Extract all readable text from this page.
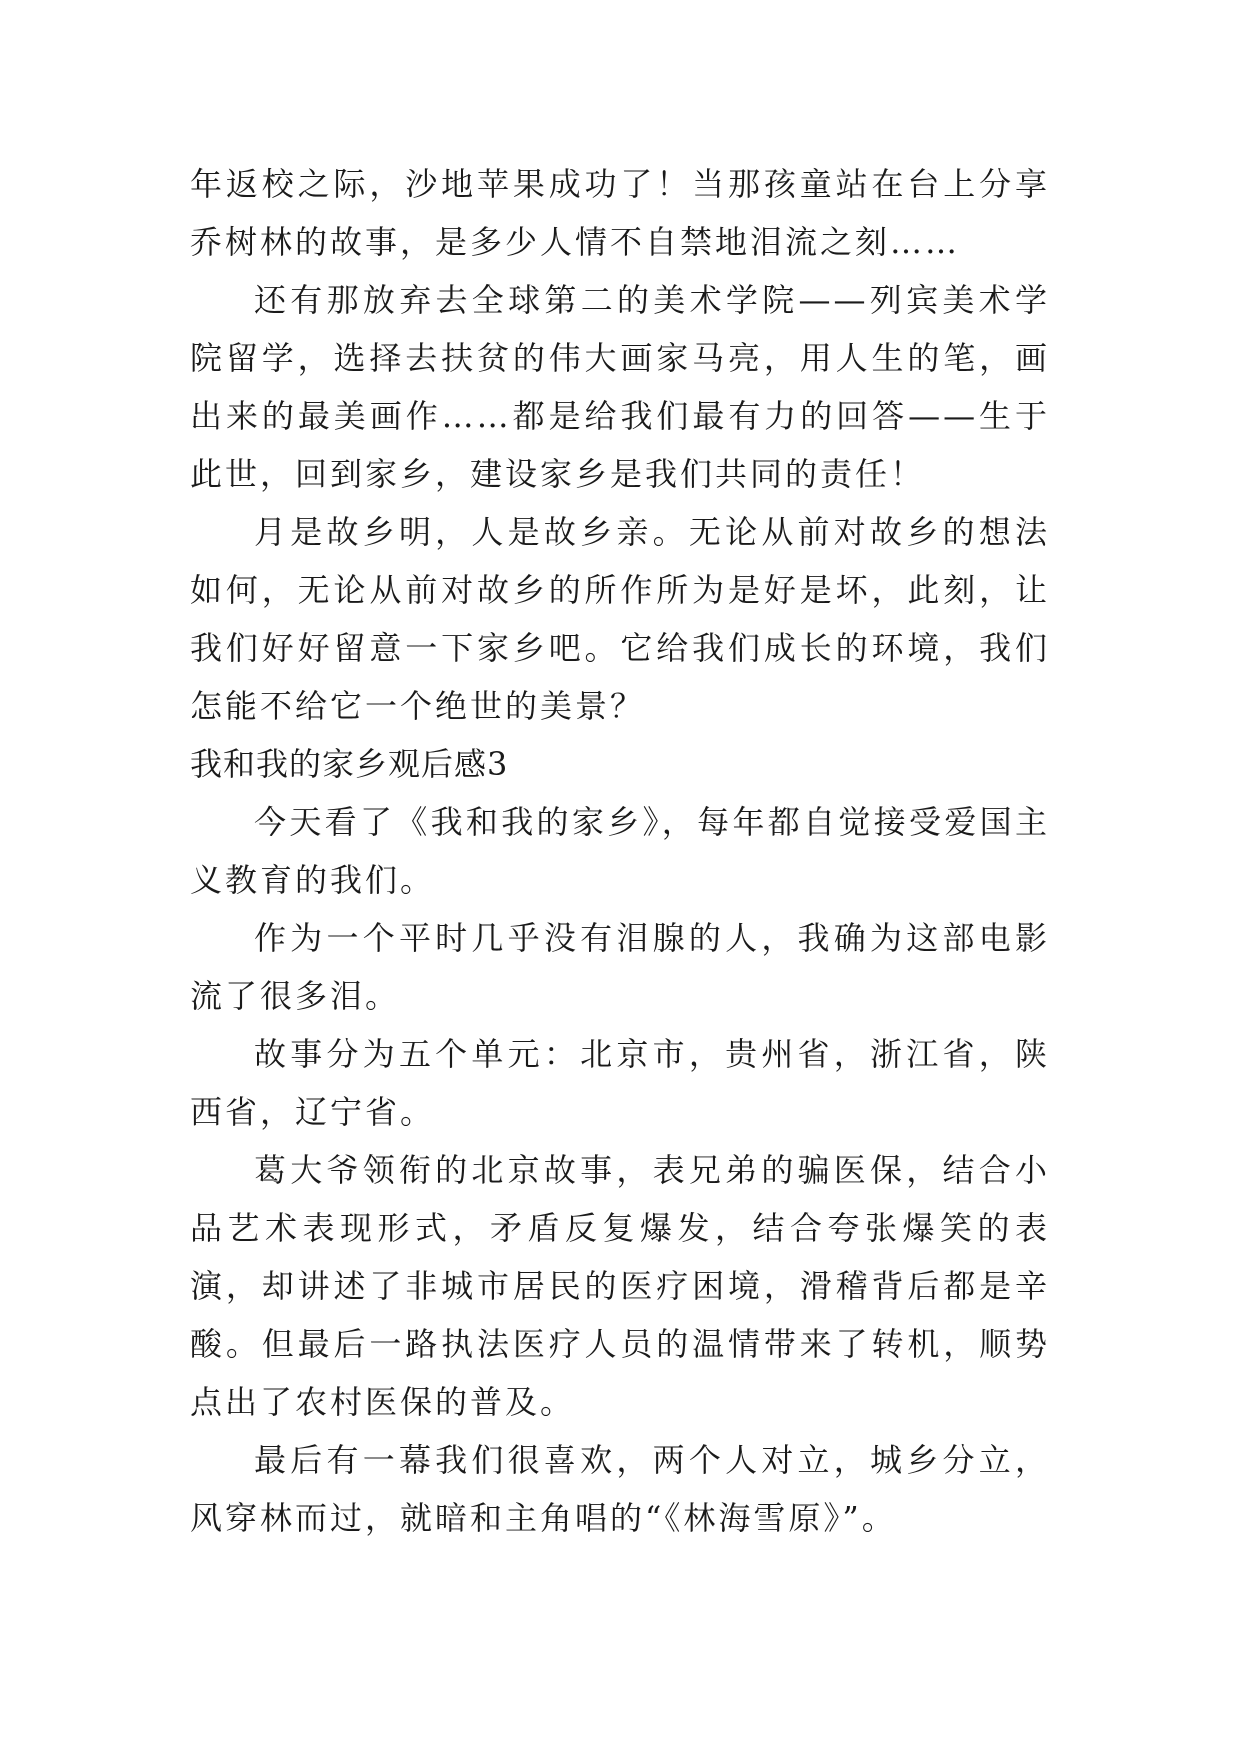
年返校之际，沙地苹果成功了！当那孩童站在台上分享乔树林的故事，是多少人情不自禁地泪流之刻……

还有那放弃去全球第二的美术学院——列宾美术学院留学，选择去扶贫的伟大画家马亮，用人生的笔，画出来的最美画作……都是给我们最有力的回答——生于此世，回到家乡，建设家乡是我们共同的责任！

月是故乡明，人是故乡亲。无论从前对故乡的想法如何，无论从前对故乡的所作所为是好是坏，此刻，让我们好好留意一下家乡吧。它给我们成长的环境，我们怎能不给它一个绝世的美景？

我和我的家乡观后感3

今天看了《我和我的家乡》，每年都自觉接受爱国主义教育的我们。

作为一个平时几乎没有泪腺的人，我确为这部电影流了很多泪。

故事分为五个单元：北京市，贵州省，浙江省，陕西省，辽宁省。

葛大爷领衔的北京故事，表兄弟的骗医保，结合小品艺术表现形式，矛盾反复爆发，结合夸张爆笑的表演，却讲述了非城市居民的医疗困境，滑稽背后都是辛酸。但最后一路执法医疗人员的温情带来了转机，顺势点出了农村医保的普及。

最后有一幕我们很喜欢，两个人对立，城乡分立，风穿林而过，就暗和主角唱的“《林海雪原》”。
